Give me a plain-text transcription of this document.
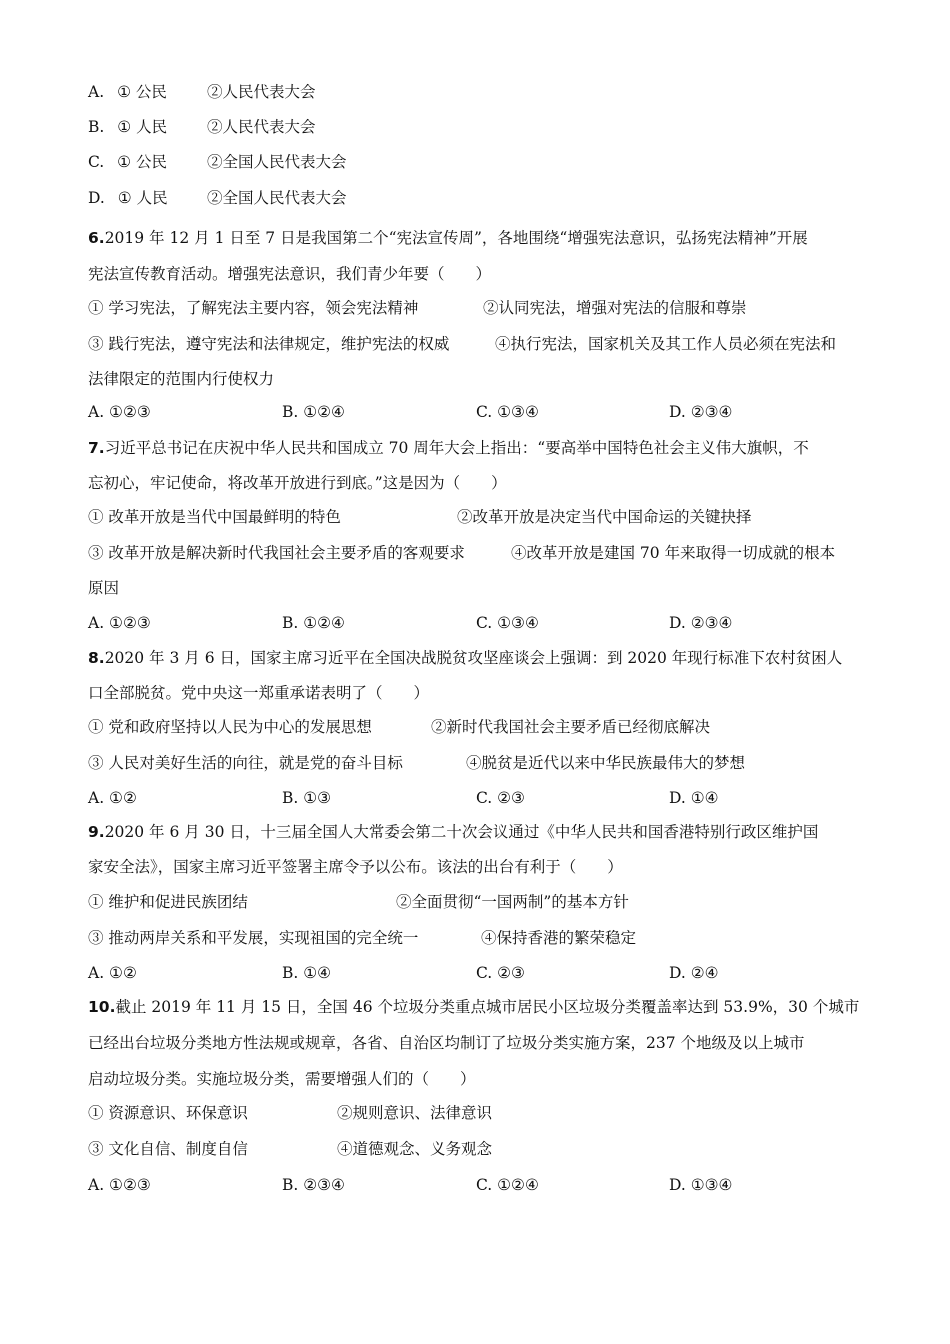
A. ① 公民	②人民代表大会
B. ① 人民	②人民代表大会
C. ① 公民	②全国人民代表大会
D. ① 人民	②全国人民代表大会
6.2019 年 12 月 1 日至 7 日是我国第二个“宪法宣传周”，各地围绕“增强宪法意识，弘扬宪法精神”开展
宪法宣传教育活动。增强宪法意识，我们青少年要（　　）
① 学习宪法，了解宪法主要内容，领会宪法精神	②认同宪法，增强对宪法的信服和尊崇
③ 践行宪法，遵守宪法和法律规定，维护宪法的权威	④执行宪法，国家机关及其工作人员必须在宪法和
法律限定的范围内行使权力
A. ①②③	B. ①②④	C. ①③④	D. ②③④
7.习近平总书记在庆祝中华人民共和国成立 70 周年大会上指出：“要高举中国特色社会主义伟大旗帜，不
忘初心，牢记使命，将改革开放进行到底。”这是因为（　　）
① 改革开放是当代中国最鲜明的特色	②改革开放是决定当代中国命运的关键抉择
③ 改革开放是解决新时代我国社会主要矛盾的客观要求	④改革开放是建国 70 年来取得一切成就的根本
原因
A. ①②③	B. ①②④	C. ①③④	D. ②③④
8.2020 年 3 月 6 日，国家主席习近平在全国决战脱贫攻坚座谈会上强调：到 2020 年现行标准下农村贫困人
口全部脱贫。党中央这一郑重承诺表明了（　　）
① 党和政府坚持以人民为中心的发展思想	②新时代我国社会主要矛盾已经彻底解决
③ 人民对美好生活的向往，就是党的奋斗目标	④脱贫是近代以来中华民族最伟大的梦想
A. ①②	B. ①③	C. ②③	D. ①④
9.2020 年 6 月 30 日，十三届全国人大常委会第二十次会议通过《中华人民共和国香港特别行政区维护国
家安全法》，国家主席习近平签署主席令予以公布。该法的出台有利于（　　）
① 维护和促进民族团结	②全面贯彻“一国两制”的基本方针
③ 推动两岸关系和平发展，实现祖国的完全统一	④保持香港的繁荣稳定
A. ①②	B. ①④	C. ②③	D. ②④
10.截止 2019 年 11 月 15 日，全国 46 个垃圾分类重点城市居民小区垃圾分类覆盖率达到 53.9%，30 个城市
已经出台垃圾分类地方性法规或规章，各省、自治区均制订了垃圾分类实施方案，237 个地级及以上城市
启动垃圾分类。实施垃圾分类，需要增强人们的（　　）
① 资源意识、环保意识	②规则意识、法律意识
③ 文化自信、制度自信	④道德观念、义务观念
A. ①②③	B. ②③④	C. ①②④	D. ①③④
